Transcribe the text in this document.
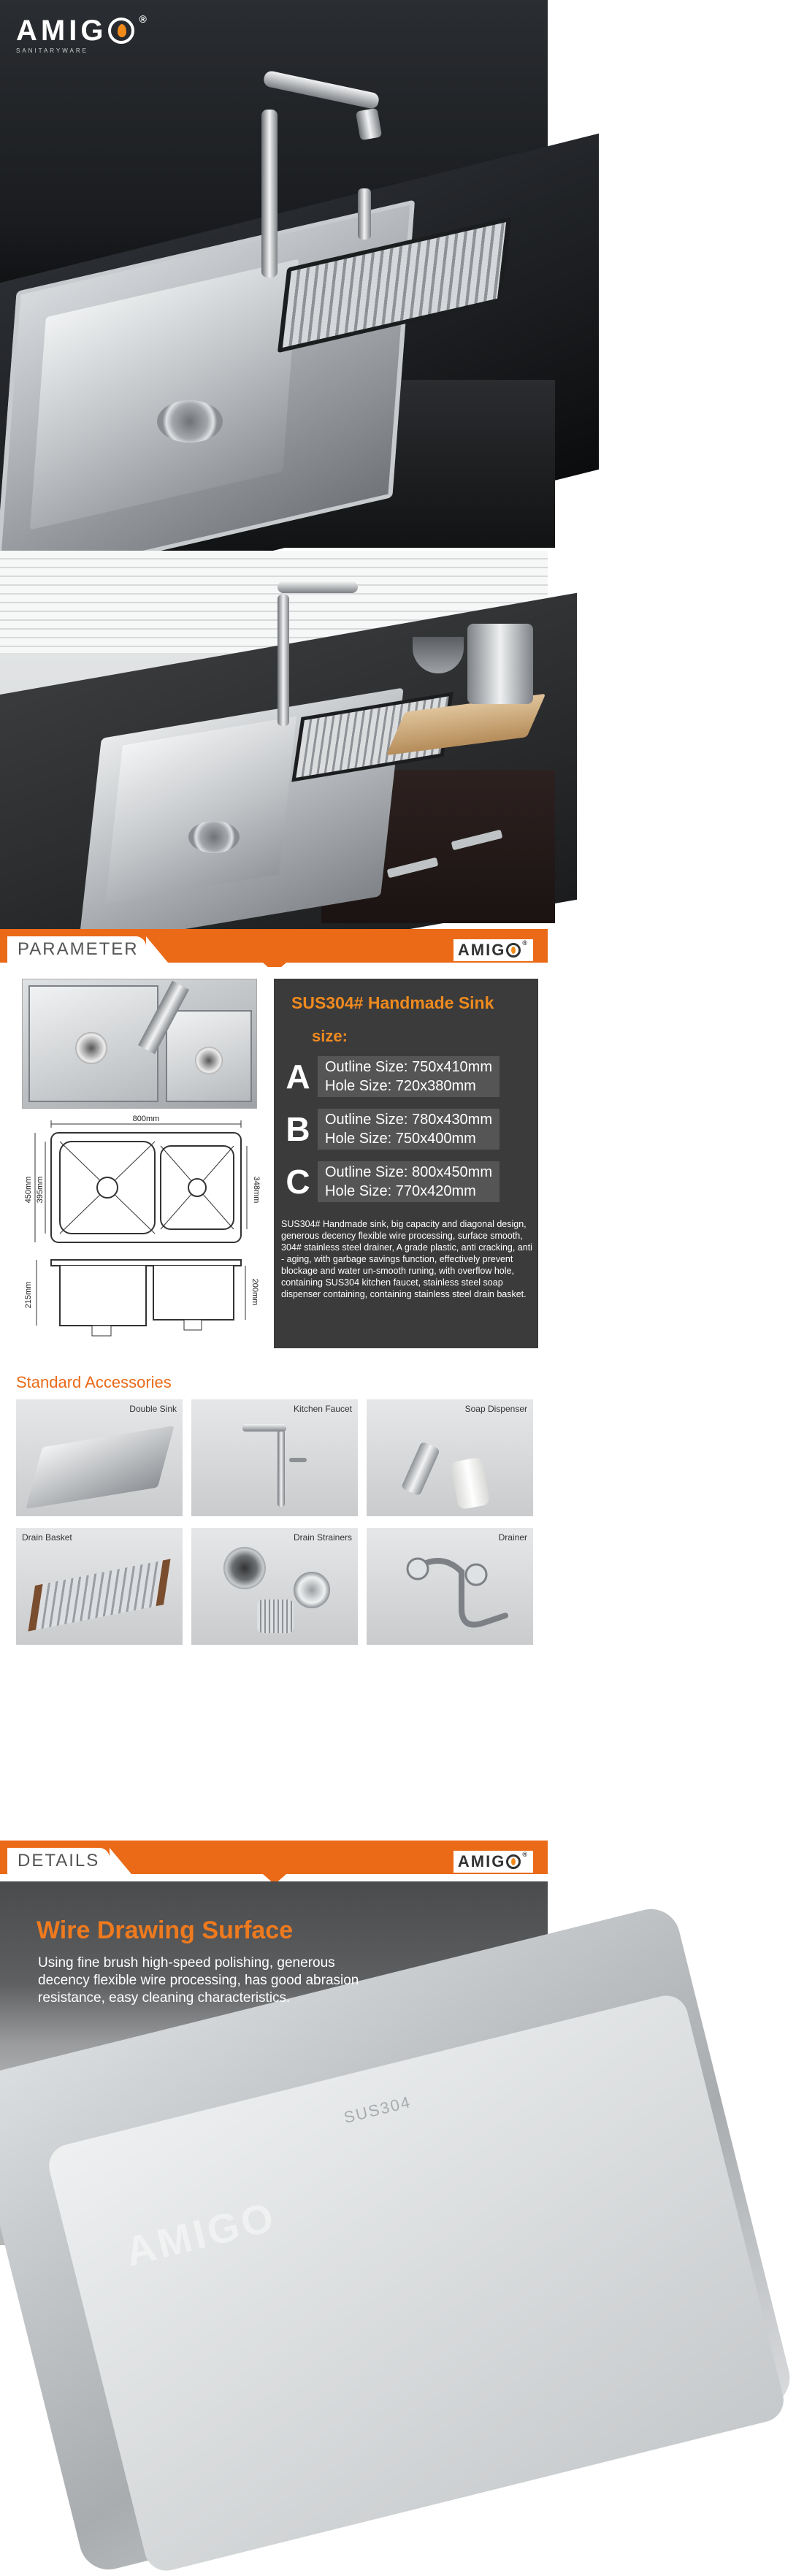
AMIG	®
SANITARYWARE
PARAMETER	AMIG	®
800mm
450mm 395mm	348mm
215mm	200mm
SUS304# Handmade Sink
size:
A Outline Size: 750x410mm
Hole Size: 720x380mm
B Outline Size: 780x430mm
Hole Size: 750x400mm
C Outline Size: 800x450mm
Hole Size: 770x420mm
SUS304# Handmade sink, big capacity and diagonal design, generous decency flexible wire processing, surface smooth, 304# stainless steel drainer, A grade plastic, anti cracking, anti - aging, with garbage savings function, effectively prevent blockage and water un-smooth runing, with overflow hole, containing SUS304 kitchen faucet, stainless steel soap dispenser containing, containing stainless steel drain basket.
Standard Accessories
Double Sink	Kitchen Faucet	Soap Dispenser
Drain Basket	Drain Strainers	Drainer
DETAILS	AMIG	®
Wire Drawing Surface
Using fine brush high-speed polishing, generous decency flexible wire processing, has good abrasion resistance, easy cleaning characteristics.
SUS304
AMIGO
